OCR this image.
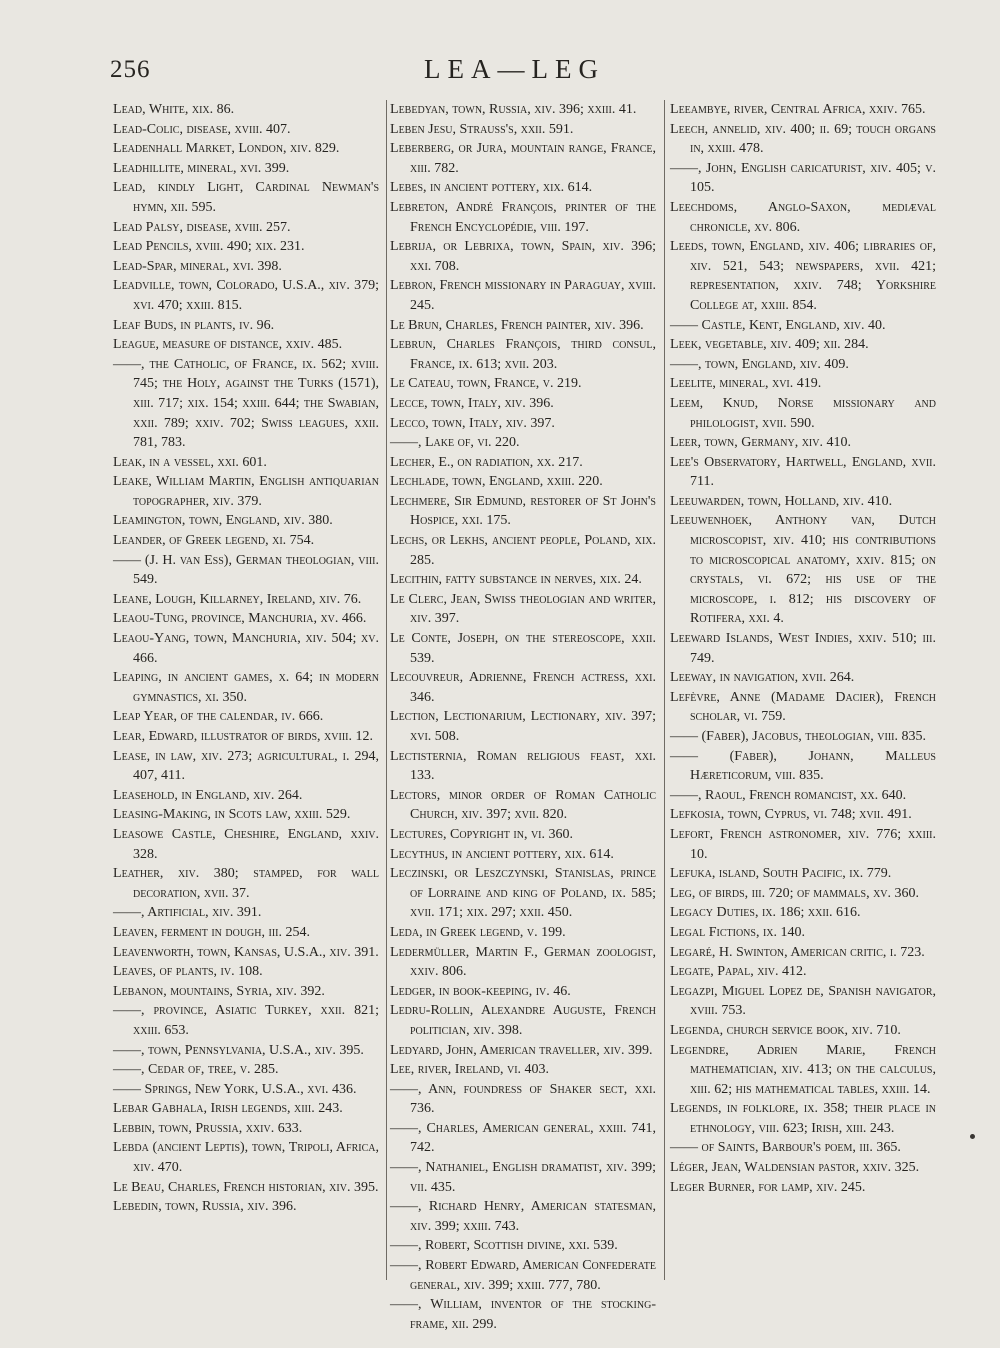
256	LEA—LEG

Lead, White, xix. 86.

Lead-Colic, disease, xviii. 407.

Leadenhall Market, London, xiv. 829.

Leadhillite, mineral, xvi. 399.

Lead, kindly Light, Cardinal Newman's hymn, xii. 595.

Lead Palsy, disease, xviii. 257.

Lead Pencils, xviii. 490; xix. 231.

Lead-Spar, mineral, xvi. 398.

Leadville, town, Colorado, U.S.A., xiv. 379; xvi. 470; xxiii. 815.

Leaf Buds, in plants, iv. 96.

League, measure of distance, xxiv. 485.

——, the Catholic, of France, ix. 562; xviii. 745; the Holy, against the Turks (1571), xiii. 717; xix. 154; xxiii. 644; the Swabian, xxii. 789; xxiv. 702; Swiss leagues, xxii. 781, 783.

Leak, in a vessel, xxi. 601.

Leake, William Martin, English antiquarian topographer, xiv. 379.

Leamington, town, England, xiv. 380.

Leander, of Greek legend, xi. 754.

—— (J. H. van Ess), German theologian, viii. 549.

Leane, Lough, Killarney, Ireland, xiv. 76.

Leaou-Tung, province, Manchuria, xv. 466.

Leaou-Yang, town, Manchuria, xiv. 504; xv. 466.

Leaping, in ancient games, x. 64; in modern gymnastics, xi. 350.

Leap Year, of the calendar, iv. 666.

Lear, Edward, illustrator of birds, xviii. 12.

Lease, in law, xiv. 273; agricultural, i. 294, 407, 411.

Leasehold, in England, xiv. 264.

Leasing-Making, in Scots law, xxiii. 529.

Leasowe Castle, Cheshire, England, xxiv. 328.

Leather, xiv. 380; stamped, for wall decoration, xvii. 37.

——, Artificial, xiv. 391.

Leaven, ferment in dough, iii. 254.

Leavenworth, town, Kansas, U.S.A., xiv. 391.

Leaves, of plants, iv. 108.

Lebanon, mountains, Syria, xiv. 392.

——, province, Asiatic Turkey, xxii. 821; xxiii. 653.

——, town, Pennsylvania, U.S.A., xiv. 395.

——, Cedar of, tree, v. 285.

—— Springs, New York, U.S.A., xvi. 436.

Lebar Gabhala, Irish legends, xiii. 243.

Lebbin, town, Prussia, xxiv. 633.

Lebda (ancient Leptis), town, Tripoli, Africa, xiv. 470.

Le Beau, Charles, French historian, xiv. 395.

Lebedin, town, Russia, xiv. 396.

Lebedyan, town, Russia, xiv. 396; xxiii. 41.

Leben Jesu, Strauss's, xxii. 591.

Leberberg, or Jura, mountain range, France, xiii. 782.

Lebes, in ancient pottery, xix. 614.

Lebreton, André François, printer of the French Encyclopédie, viii. 197.

Lebrija, or Lebrixa, town, Spain, xiv. 396; xxi. 708.

Lebron, French missionary in Paraguay, xviii. 245.

Le Brun, Charles, French painter, xiv. 396.

Lebrun, Charles François, third consul, France, ix. 613; xvii. 203.

Le Cateau, town, France, v. 219.

Lecce, town, Italy, xiv. 396.

Lecco, town, Italy, xiv. 397.

——, Lake of, vi. 220.

Lecher, E., on radiation, xx. 217.

Lechlade, town, England, xxiii. 220.

Lechmere, Sir Edmund, restorer of St John's Hospice, xxi. 175.

Lechs, or Lekhs, ancient people, Poland, xix. 285.

Lecithin, fatty substance in nerves, xix. 24.

Le Clerc, Jean, Swiss theologian and writer, xiv. 397.

Le Conte, Joseph, on the stereoscope, xxii. 539.

Lecouvreur, Adrienne, French actress, xxi. 346.

Lection, Lectionarium, Lectionary, xiv. 397; xvi. 508.

Lectisternia, Roman religious feast, xxi. 133.

Lectors, minor order of Roman Catholic Church, xiv. 397; xvii. 820.

Lectures, Copyright in, vi. 360.

Lecythus, in ancient pottery, xix. 614.

Leczinski, or Leszczynski, Stanislas, prince of Lorraine and king of Poland, ix. 585; xvii. 171; xix. 297; xxii. 450.

Leda, in Greek legend, v. 199.

Ledermüller, Martin F., German zoologist, xxiv. 806.

Ledger, in book-keeping, iv. 46.

Ledru-Rollin, Alexandre Auguste, French politician, xiv. 398.

Ledyard, John, American traveller, xiv. 399.

Lee, river, Ireland, vi. 403.

——, Ann, foundress of Shaker sect, xxi. 736.

——, Charles, American general, xxiii. 741, 742.

——, Nathaniel, English dramatist, xiv. 399; vii. 435.

——, Richard Henry, American statesman, xiv. 399; xxiii. 743.

——, Robert, Scottish divine, xxi. 539.

——, Robert Edward, American Confederate general, xiv. 399; xxiii. 777, 780.

——, William, inventor of the stocking-frame, xii. 299.

Leeambye, river, Central Africa, xxiv. 765.

Leech, annelid, xiv. 400; ii. 69; touch organs in, xxiii. 478.

——, John, English caricaturist, xiv. 405; v. 105.

Leechdoms, Anglo-Saxon, mediæval chronicle, xv. 806.

Leeds, town, England, xiv. 406; libraries of, xiv. 521, 543; newspapers, xvii. 421; representation, xxiv. 748; Yorkshire College at, xxiii. 854.

—— Castle, Kent, England, xiv. 40.

Leek, vegetable, xiv. 409; xii. 284.

——, town, England, xiv. 409.

Leelite, mineral, xvi. 419.

Leem, Knud, Norse missionary and philologist, xvii. 590.

Leer, town, Germany, xiv. 410.

Lee's Observatory, Hartwell, England, xvii. 711.

Leeuwarden, town, Holland, xiv. 410.

Leeuwenhoek, Anthony van, Dutch microscopist, xiv. 410; his contributions to microscopical anatomy, xxiv. 815; on crystals, vi. 672; his use of the microscope, i. 812; his discovery of Rotifera, xxi. 4.

Leeward Islands, West Indies, xxiv. 510; iii. 749.

Leeway, in navigation, xvii. 264.

Lefèvre, Anne (Madame Dacier), French scholar, vi. 759.

—— (Faber), Jacobus, theologian, viii. 835.

—— (Faber), Johann, Malleus Hæreticorum, viii. 835.

——, Raoul, French romancist, xx. 640.

Lefkosia, town, Cyprus, vi. 748; xvii. 491.

Lefort, French astronomer, xiv. 776; xxiii. 10.

Lefuka, island, South Pacific, ix. 779.

Leg, of birds, iii. 720; of mammals, xv. 360.

Legacy Duties, ix. 186; xxii. 616.

Legal Fictions, ix. 140.

Legaré, H. Swinton, American critic, i. 723.

Legate, Papal, xiv. 412.

Legazpi, Miguel Lopez de, Spanish navigator, xviii. 753.

Legenda, church service book, xiv. 710.

Legendre, Adrien Marie, French mathematician, xiv. 413; on the calculus, xiii. 62; his mathematical tables, xxiii. 14.

Legends, in folklore, ix. 358; their place in ethnology, viii. 623; Irish, xiii. 243.

—— of Saints, Barbour's poem, iii. 365.

Léger, Jean, Waldensian pastor, xxiv. 325.

Leger Burner, for lamp, xiv. 245.
